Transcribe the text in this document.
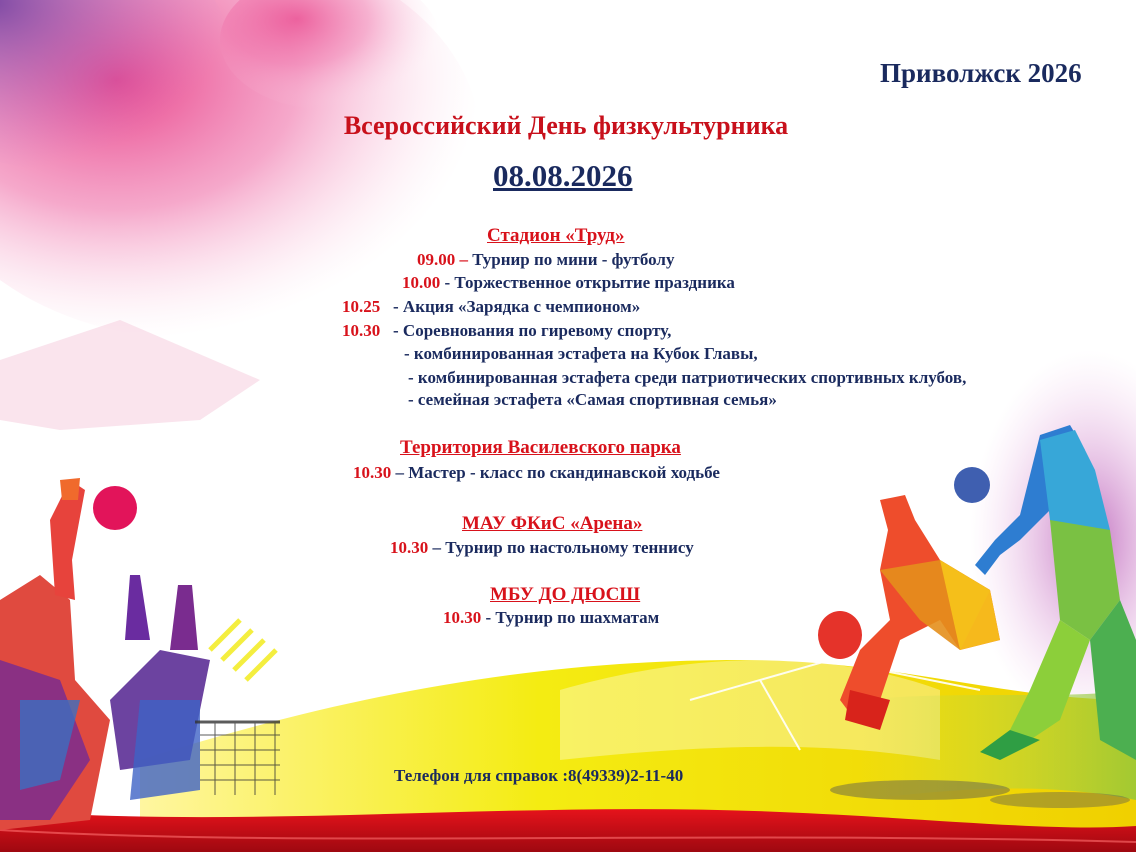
Приволжск 2026
Всероссийский День физкультурника
08.08.2026
Стадион «Труд»
09.00 – Турнир по мини - футболу
10.00 - Торжественное открытие праздника
10.25   - Акция «Зарядка с чемпионом»
10.30   - Соревнования по гиревому спорту,
- комбинированная эстафета на Кубок Главы,
- комбинированная эстафета среди патриотических спортивных клубов,
- семейная эстафета «Самая спортивная семья»
Территория Василевского парка
10.30 – Мастер - класс по скандинавской ходьбе
МАУ ФКиС «Арена»
10.30 – Турнир по настольному теннису
МБУ ДО ДЮСШ
10.30 - Турнир по шахматам
Телефон для справок :8(49339)2-11-40
